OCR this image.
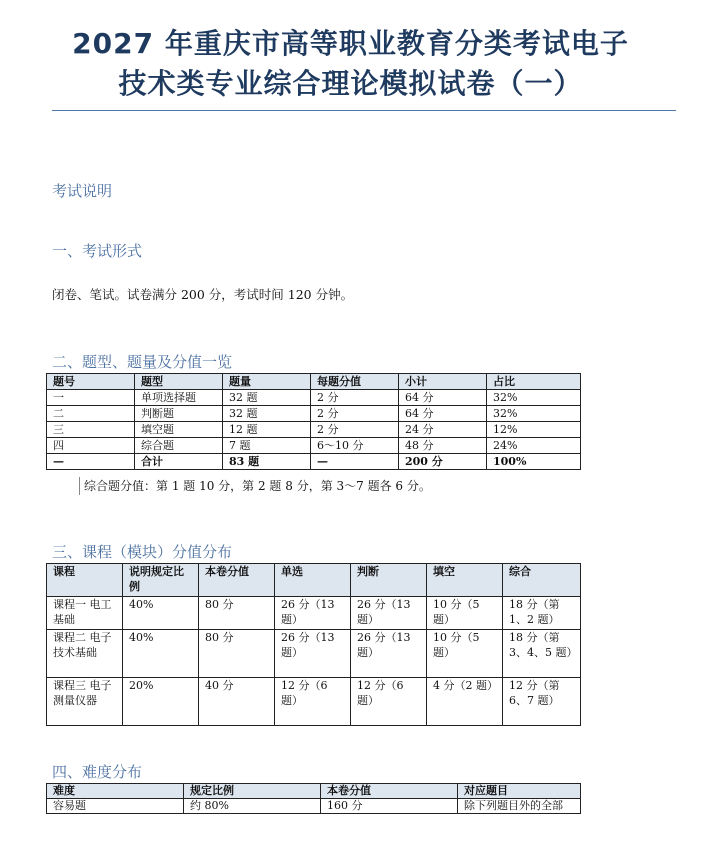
2027 年重庆市高等职业教育分类考试电子
技术类专业综合理论模拟试卷（一）
考试说明
一、考试形式
闭卷、笔试。试卷满分 200 分，考试时间 120 分钟。
二、题型、题量及分值一览
题号	题型	题量	每题分值	小计	占比
一	单项选择题	32 题	2 分	64 分	32%
二	判断题	32 题	2 分	64 分	32%
三	填空题	12 题	2 分	24 分	12%
四	综合题	7 题	6～10 分	48 分	24%
—	合计	83 题	—	200 分	100%
综合题分值：第 1 题 10 分，第 2 题 8 分，第 3～7 题各 6 分。
三、课程（模块）分值分布
课程	说明规定比例	本卷分值	单选	判断	填空	综合
课程一 电工基础	40%	80 分	26 分（13 题）	26 分（13 题）	10 分（5 题）	18 分（第 1、2 题）
课程二 电子技术基础	40%	80 分	26 分（13 题）	26 分（13 题）	10 分（5 题）	18 分（第 3、4、5 题）
课程三 电子测量仪器	20%	40 分	12 分（6 题）	12 分（6 题）	4 分（2 题）	12 分（第 6、7 题）
四、难度分布
难度	规定比例	本卷分值	对应题目
容易题	约 80%	160 分	除下列题目外的全部
